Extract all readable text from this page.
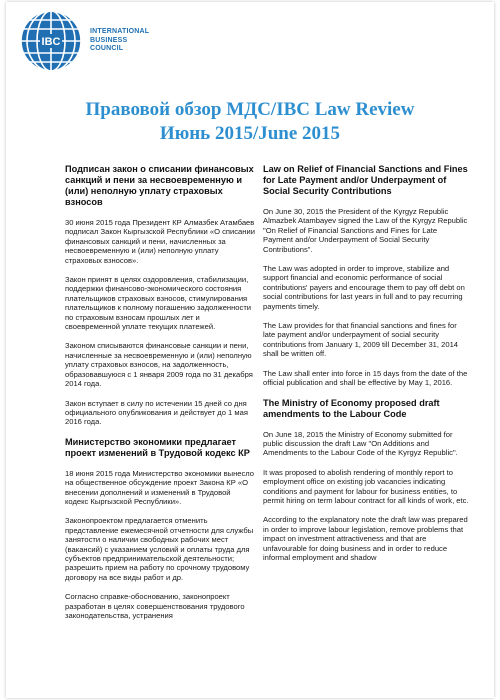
IBC
INTERNATIONAL
BUSINESS
COUNCIL
Правовой обзор МДС/IBC Law Review
Июнь 2015/June 2015
Подписан закон о списании финансовых санкций и пени за несвоевременную и (или) неполную уплату страховых взносов

30 июня 2015 года Президент КР Алмазбек Атамбаев подписал Закон Кыргызской Республики «О списании финансовых санкций и пени, начисленных за несвоевременную и (или) неполную уплату страховых взносов».

Закон принят в целях оздоровления, стабилизации, поддержки финансово-экономического состояния плательщиков страховых взносов, стимулирования плательщиков к полному погашению задолженности по страховым взносам прошлых лет и своевременной уплате текущих платежей.

Законом списываются финансовые санкции и пени, начисленные за несвоевременную и (или) неполную уплату страховых взносов, на задолженность, образовавшуюся с 1 января 2009 года по 31 декабря 2014 года.

Закон вступает в силу по истечении 15 дней со дня официального опубликования и действует до 1 мая 2016 года.

Министерство экономики предлагает проект изменений в Трудовой кодекс КР

18 июня 2015 года Министерство экономики вынесло на общественное обсуждение проект Закона КР «О внесении дополнений и изменений в Трудовой кодекс Кыргызской Республики».

Законопроектом предлагается отменить представление ежемесячной отчетности для службы занятости о наличии свободных рабочих мест (вакансий) с указанием условий и оплаты труда для субъектов предпринимательской деятельности; разрешить прием на работу по срочному трудовому договору на все виды работ и др.

Согласно справке-обоснованию, законопроект разработан в целях совершенствования трудового законодательства, устранения

Law on Relief of Financial Sanctions and Fines for Late Payment and/or Underpayment of Social Security Contributions

On June 30, 2015 the President of the Kyrgyz Republic Almazbek Atambayev signed the Law of the Kyrgyz Republic "On Relief of Financial Sanctions and Fines for Late Payment and/or Underpayment of Social Security Contributions".

The Law was adopted in order to improve, stabilize and support financial and economic performance of social contributions' payers and encourage them to pay off debt on social contributions for last years in full and to pay recurring payments timely.

The Law provides for that financial sanctions and fines for late payment and/or underpayment of social security contributions from January 1, 2009 till December 31, 2014 shall be written off.

The Law shall enter into force in 15 days from the date of the official publication and shall be effective by May 1, 2016.

The Ministry of Economy proposed draft amendments to the Labour Code

On June 18, 2015 the Ministry of Economy submitted for public discussion the draft Law "On Additions and Amendments to the Labour Code of the Kyrgyz Republic".

It was proposed to abolish rendering of monthly report to employment office on existing job vacancies indicating conditions and payment for labour for business entities, to permit hiring on term labour contract for all kinds of work, etc.

According to the explanatory note the draft law was prepared in order to improve labour legislation, remove problems that impact on investment attractiveness and that are unfavourable for doing business and in order to reduce informal employment and shadow
